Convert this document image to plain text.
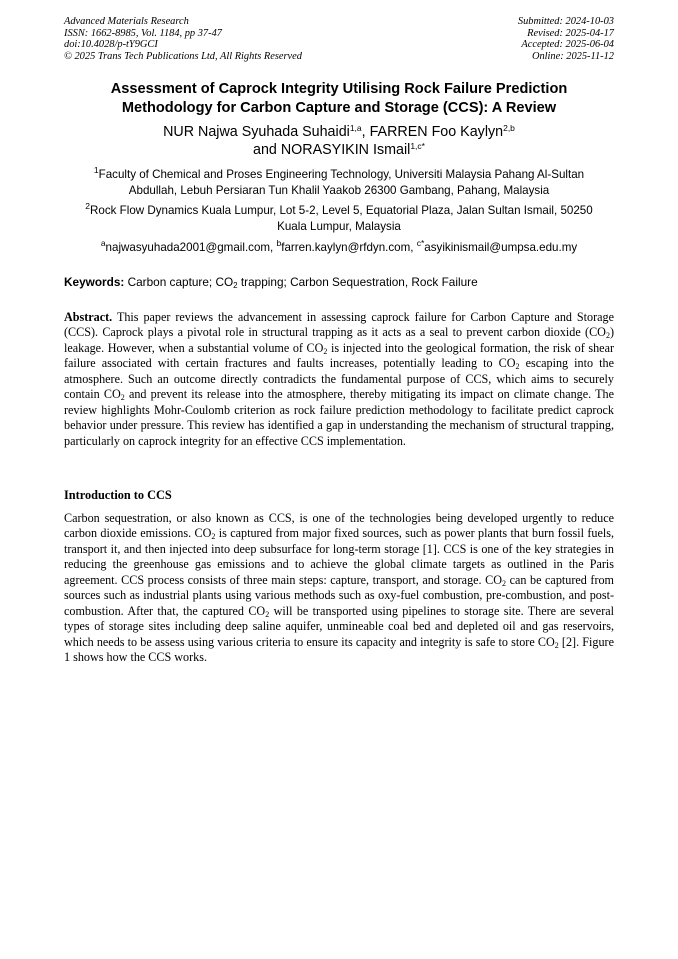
Advanced Materials Research
ISSN: 1662-8985, Vol. 1184, pp 37-47
doi:10.4028/p-tY9GCI
© 2025 Trans Tech Publications Ltd, All Rights Reserved
Submitted: 2024-10-03
Revised: 2025-04-17
Accepted: 2025-06-04
Online: 2025-11-12
Assessment of Caprock Integrity Utilising Rock Failure Prediction
Methodology for Carbon Capture and Storage (CCS): A Review
NUR Najwa Syuhada Suhaidi$^{1,a}$, FARREN Foo Kaylyn$^{2,b}$
and NORASYIKIN Ismail$^{1,c*}$
$^1$Faculty of Chemical and Proses Engineering Technology, Universiti Malaysia Pahang Al-Sultan
Abdullah, Lebuh Persiaran Tun Khalil Yaakob 26300 Gambang, Pahang, Malaysia
$^2$Rock Flow Dynamics Kuala Lumpur, Lot 5-2, Level 5, Equatorial Plaza, Jalan Sultan Ismail, 50250
Kuala Lumpur, Malaysia
$^a$najwasyuhada2001@gmail.com, $^b$farren.kaylyn@rfdyn.com, $^{c*}$asyikinismail@umpsa.edu.my
Keywords: Carbon capture; $CO_2$ trapping; Carbon Sequestration, Rock Failure
Abstract. This paper reviews the advancement in assessing caprock failure for Carbon Capture and Storage (CCS). Caprock plays a pivotal role in structural trapping as it acts as a seal to prevent carbon dioxide $(CO_2)$ leakage. However, when a substantial volume of $CO_2$ is injected into the geological formation, the risk of shear failure associated with certain fractures and faults increases, potentially leading to $CO_2$ escaping into the atmosphere. Such an outcome directly contradicts the fundamental purpose of CCS, which aims to securely contain $CO_2$ and prevent its release into the atmosphere, thereby mitigating its impact on climate change. The review highlights Mohr-Coulomb criterion as rock failure prediction methodology to facilitate predict caprock behavior under pressure. This review has identified a gap in understanding the mechanism of structural trapping, particularly on caprock integrity for an effective CCS implementation.
Introduction to CCS
Carbon sequestration, or also known as CCS, is one of the technologies being developed urgently to reduce carbon dioxide emissions. $CO_2$ is captured from major fixed sources, such as power plants that burn fossil fuels, transport it, and then injected into deep subsurface for long-term storage [1]. CCS is one of the key strategies in reducing the greenhouse gas emissions and to achieve the global climate targets as outlined in the Paris agreement. CCS process consists of three main steps: capture, transport, and storage. $CO_2$ can be captured from sources such as industrial plants using various methods such as oxy-fuel combustion, pre-combustion, and post-combustion. After that, the captured $CO_2$ will be transported using pipelines to storage site. There are several types of storage sites including deep saline aquifer, unmineable coal bed and depleted oil and gas reservoirs, which needs to be assess using various criteria to ensure its capacity and integrity is safe to store $CO_2$ [2]. Figure 1 shows how the CCS works.
